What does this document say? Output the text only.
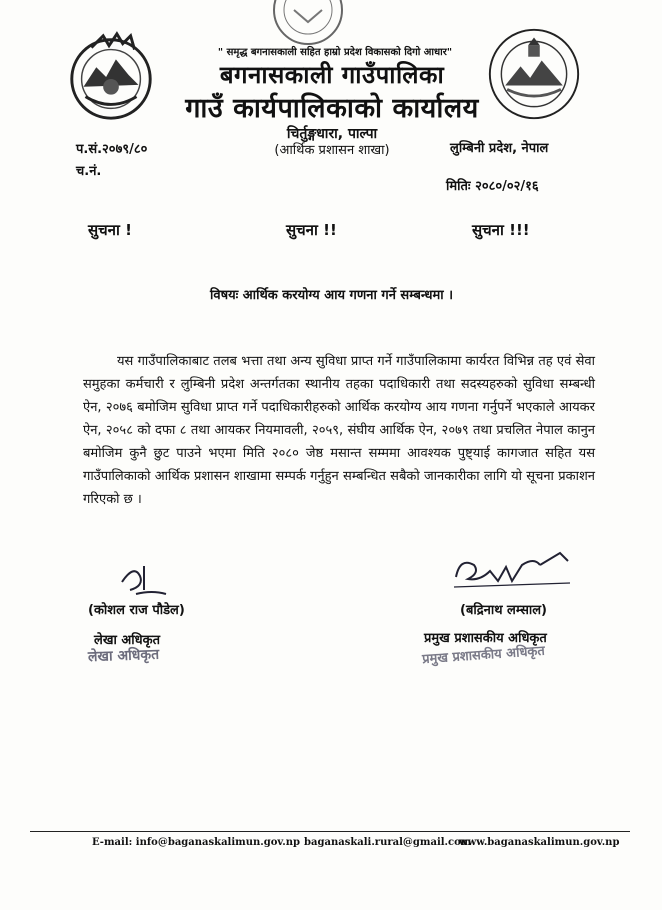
" समृद्ध बगनासकाली सहित हाम्रो प्रदेश विकासको दिगो आधार"
बगनासकाली गाउँपालिका
गाउँ कार्यपालिकाको कार्यालय
चिर्तुङ्गधारा, पाल्पा
(आर्थिक प्रशासन शाखा)
प.सं.२०७९/८०
च.नं.
लुम्बिनी प्रदेश, नेपाल
मितिः २०८०/०२/१६
सुचना !	सुचना !!	सुचना !!!
विषयः आर्थिक करयोग्य आय गणना गर्ने सम्बन्धमा ।
यस गाउँपालिकाबाट तलब भत्ता तथा अन्य सुविधा प्राप्त गर्ने गाउँपालिकामा कार्यरत विभिन्न तह एवं सेवा समुहका कर्मचारी र लुम्बिनी प्रदेश अन्तर्गतका स्थानीय तहका पदाधिकारी तथा सदस्यहरुको सुविधा सम्बन्धी ऐन, २०७६ बमोजिम सुविधा प्राप्त गर्ने पदाधिकारीहरुको आर्थिक करयोग्य आय गणना गर्नुपर्ने भएकाले आयकर ऐन, २०५८ को दफा ८ तथा आयकर नियमावली, २०५९, संघीय आर्थिक ऐन, २०७९ तथा प्रचलित नेपाल कानुन बमोजिम कुनै छुट पाउने भएमा मिति २०८० जेष्ठ मसान्त सम्ममा आवश्यक पुष्ट्याई कागजात सहित यस गाउँपालिकाको आर्थिक प्रशासन शाखामा सम्पर्क गर्नुहुन सम्बन्धित सबैको जानकारीका लागि यो सूचना प्रकाशन गरिएको छ ।
(कोशल राज पौडेल)	(बद्रिनाथ लम्साल)
लेखा अधिकृत	प्रमुख प्रशासकीय अधिकृत
लेखा अधिकृत	प्रमुख प्रशासकीय अधिकृत
E-mail: info@baganaskalimun.gov.np baganaskali.rural@gmail.com
www.baganaskalimun.gov.np
